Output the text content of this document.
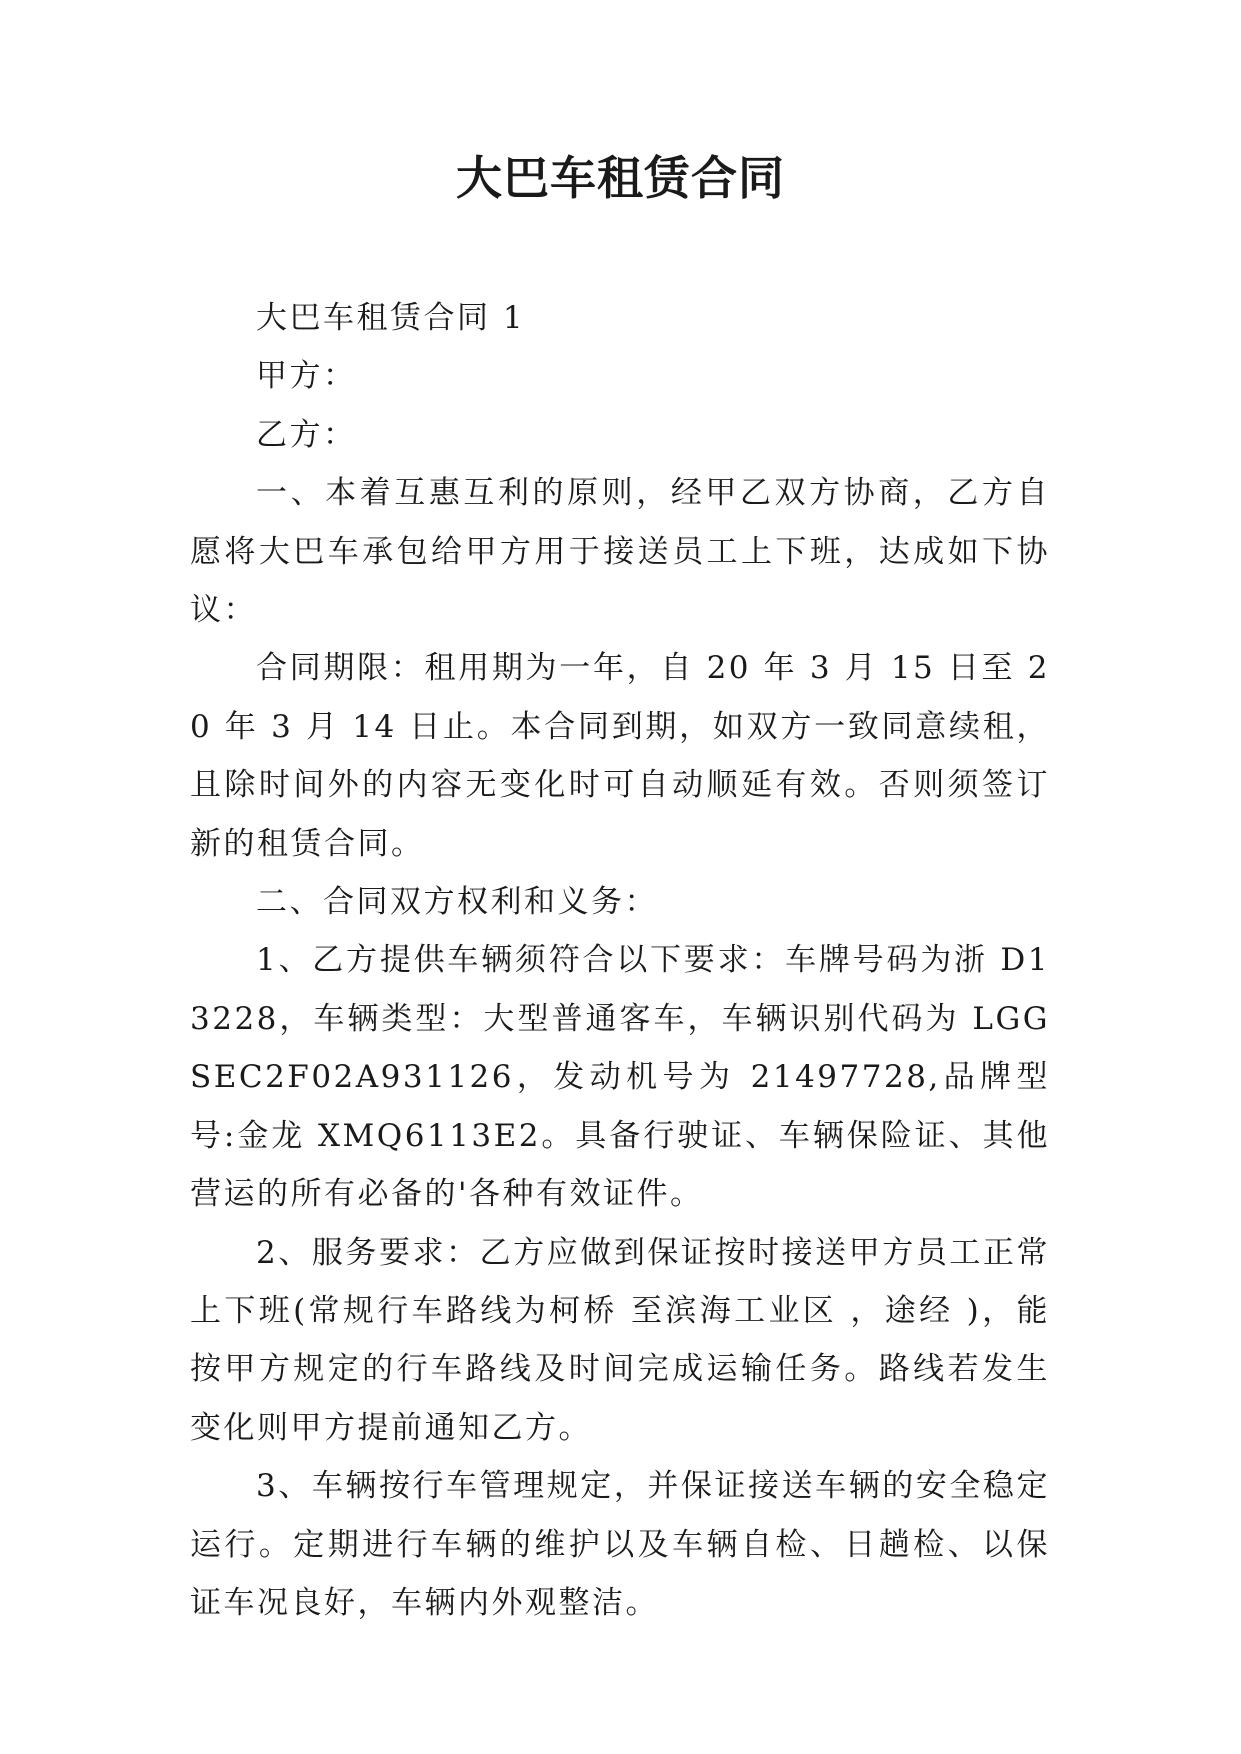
大巴车租赁合同

大巴车租赁合同 1

甲方：

乙方：

一、本着互惠互利的原则，经甲乙双方协商，乙方自愿将大巴车承包给甲方用于接送员工上下班，达成如下协议：

合同期限：租用期为一年，自 20 年 3 月 15 日至 20 年 3 月 14 日止。本合同到期，如双方一致同意续租，且除时间外的内容无变化时可自动顺延有效。否则须签订新的租赁合同。

二、合同双方权利和义务：

1、乙方提供车辆须符合以下要求：车牌号码为浙 D13228，车辆类型：大型普通客车，车辆识别代码为 LGGSEC2F02A931126，发动机号为 21497728,品牌型号:金龙 XMQ6113E2。具备行驶证、车辆保险证、其他营运的所有必备的'各种有效证件。

2、服务要求：乙方应做到保证按时接送甲方员工正常上下班(常规行车路线为柯桥 至滨海工业区 ，途经 )，能按甲方规定的行车路线及时间完成运输任务。路线若发生变化则甲方提前通知乙方。

3、车辆按行车管理规定，并保证接送车辆的安全稳定运行。定期进行车辆的维护以及车辆自检、日趟检、以保证车况良好，车辆内外观整洁。
